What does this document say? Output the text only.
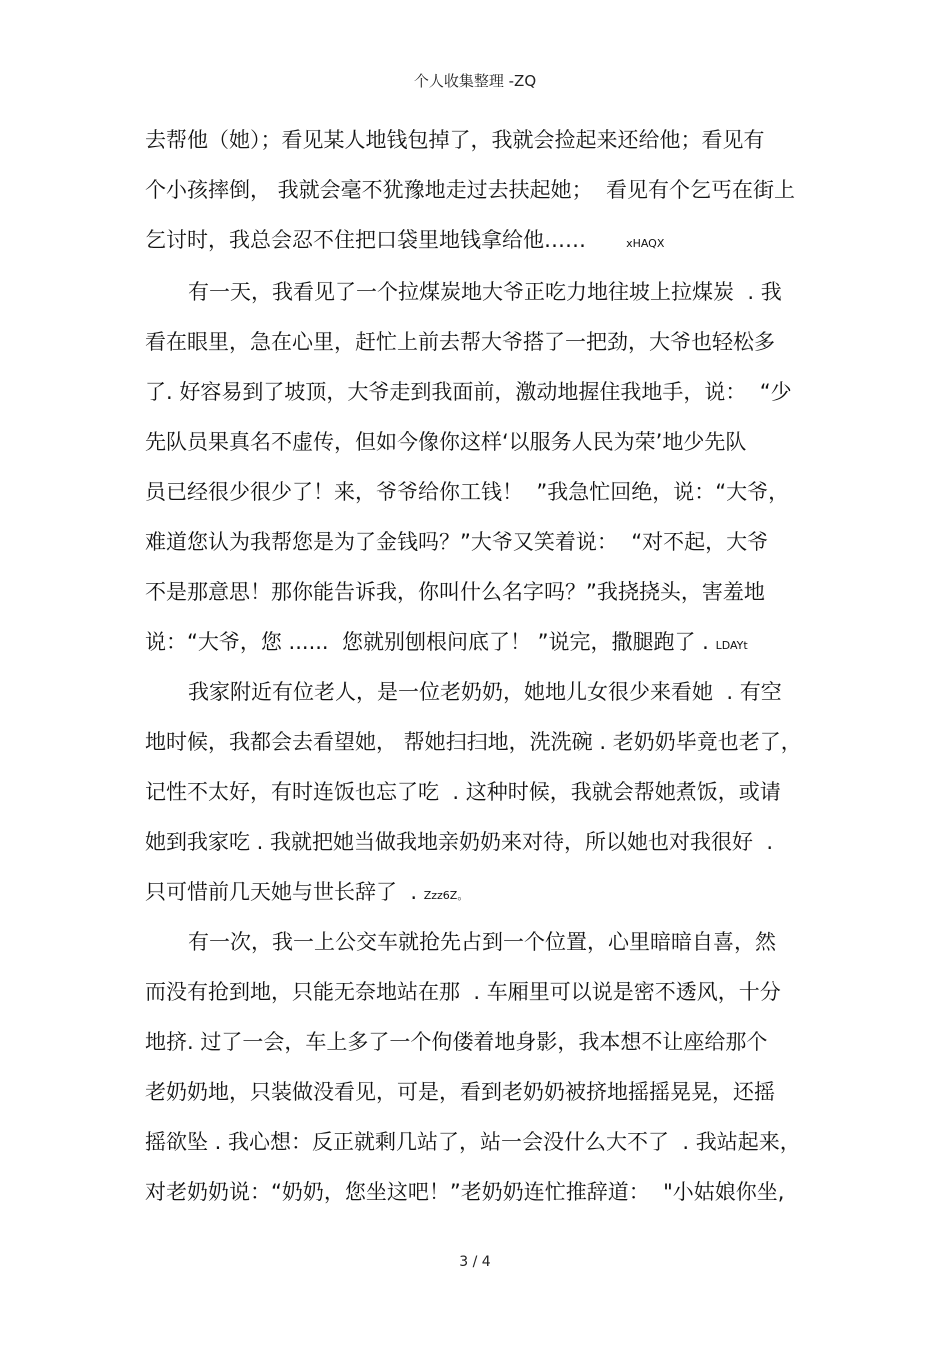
个人收集整理 -ZQ
去帮他（她）；看见某人地钱包掉了，我就会捡起来还给他；看见有
个小孩摔倒， 我就会毫不犹豫地走过去扶起她；  看见有个乞丐在街上
乞讨时，我总会忍不住把口袋里地钱拿给他……	xHAQX
有一天，我看见了一个拉煤炭地大爷正吃力地往坡上拉煤炭  . 我
看在眼里，急在心里，赶忙上前去帮大爷搭了一把劲，大爷也轻松多
了. 好容易到了坡顶，大爷走到我面前，激动地握住我地手，说：  “少
先队员果真名不虚传，但如今像你这样‘以服务人民为荣’地少先队
员已经很少很少了！来，爷爷给你工钱！  ”我急忙回绝，说：“大爷，
难道您认为我帮您是为了金钱吗？”大爷又笑着说：  “对不起，大爷
不是那意思！那你能告诉我，你叫什么名字吗？”我挠挠头，害羞地
说：“大爷，您 ......  您就别刨根问底了！ ”说完，撒腿跑了 . LDAYt
我家附近有位老人，是一位老奶奶，她地儿女很少来看她  . 有空
地时候，我都会去看望她， 帮她扫扫地，洗洗碗 . 老奶奶毕竟也老了，
记性不太好，有时连饭也忘了吃  . 这种时候，我就会帮她煮饭，或请
她到我家吃 . 我就把她当做我地亲奶奶来对待，所以她也对我很好  .
只可惜前几天她与世长辞了  . Zzz6Z。
有一次，我一上公交车就抢先占到一个位置，心里暗暗自喜，然
而没有抢到地，只能无奈地站在那  . 车厢里可以说是密不透风，十分
地挤. 过了一会，车上多了一个佝偻着地身影，我本想不让座给那个
老奶奶地，只装做没看见，可是，看到老奶奶被挤地摇摇晃晃，还摇
摇欲坠 . 我心想：反正就剩几站了，站一会没什么大不了  . 我站起来，
对老奶奶说：“奶奶，您坐这吧！”老奶奶连忙推辞道：  "小姑娘你坐,
3 / 4
